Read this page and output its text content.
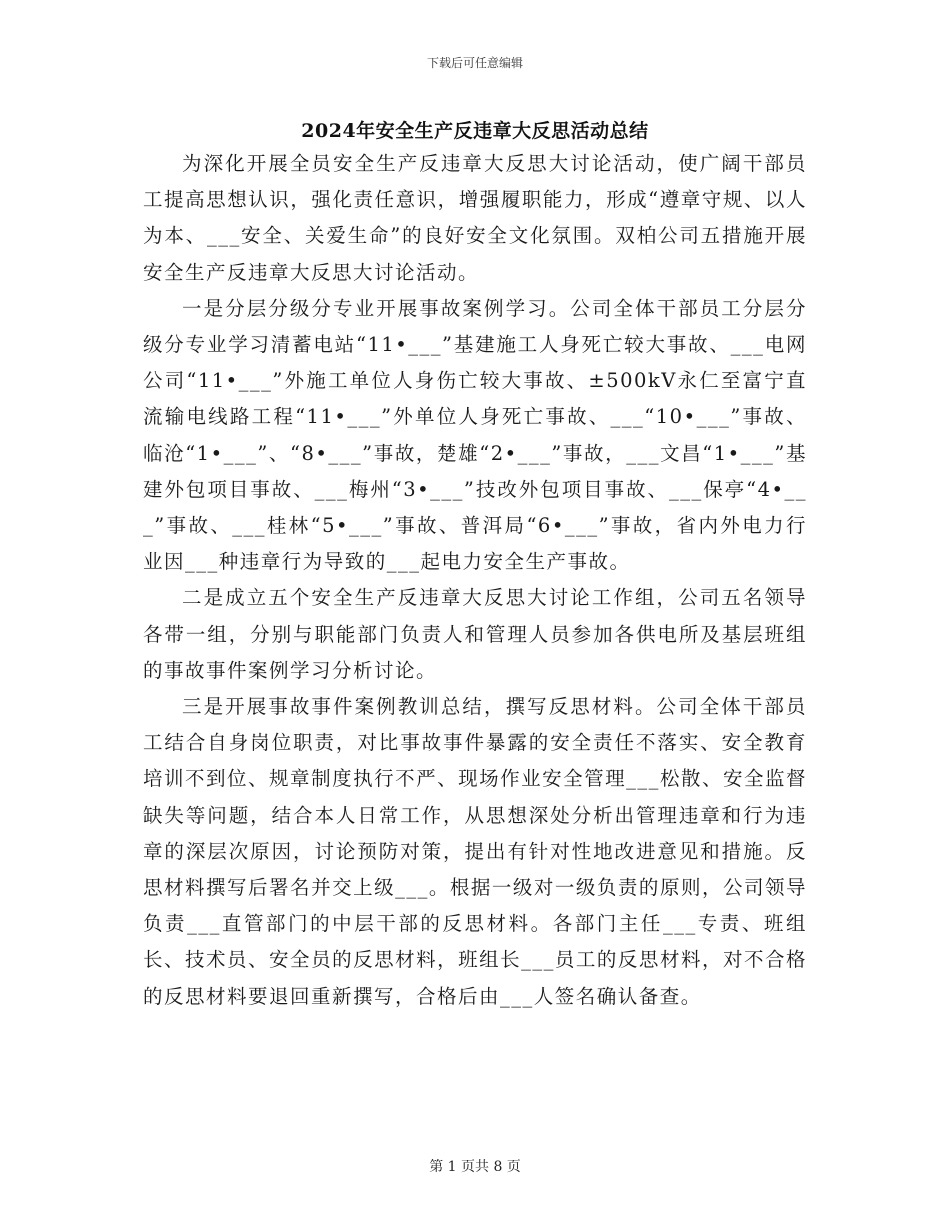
下载后可任意编辑
2024年安全生产反违章大反思活动总结

为深化开展全员安全生产反违章大反思大讨论活动，使广阔干部员工提高思想认识，强化责任意识，增强履职能力，形成“遵章守规、以人为本、___安全、关爱生命”的良好安全文化氛围。双柏公司五措施开展安全生产反违章大反思大讨论活动。

一是分层分级分专业开展事故案例学习。公司全体干部员工分层分级分专业学习清蓄电站“11•___”基建施工人身死亡较大事故、___电网公司“11•___”外施工单位人身伤亡较大事故、±500kV永仁至富宁直流输电线路工程“11•___”外单位人身死亡事故、___“10•___”事故、临沧“1•___”、“8•___”事故，楚雄“2•___”事故，___文昌“1•___”基建外包项目事故、___梅州“3•___”技改外包项目事故、___保亭“4•___”事故、___桂林“5•___”事故、普洱局“6•___”事故，省内外电力行业因___种违章行为导致的___起电力安全生产事故。

二是成立五个安全生产反违章大反思大讨论工作组，公司五名领导各带一组，分别与职能部门负责人和管理人员参加各供电所及基层班组的事故事件案例学习分析讨论。

三是开展事故事件案例教训总结，撰写反思材料。公司全体干部员工结合自身岗位职责，对比事故事件暴露的安全责任不落实、安全教育培训不到位、规章制度执行不严、现场作业安全管理___松散、安全监督缺失等问题，结合本人日常工作，从思想深处分析出管理违章和行为违章的深层次原因，讨论预防对策，提出有针对性地改进意见和措施。反思材料撰写后署名并交上级___。根据一级对一级负责的原则，公司领导负责___直管部门的中层干部的反思材料。各部门主任___专责、班组长、技术员、安全员的反思材料，班组长___员工的反思材料，对不合格的反思材料要退回重新撰写，合格后由___人签名确认备查。

第 1 页共 8 页
